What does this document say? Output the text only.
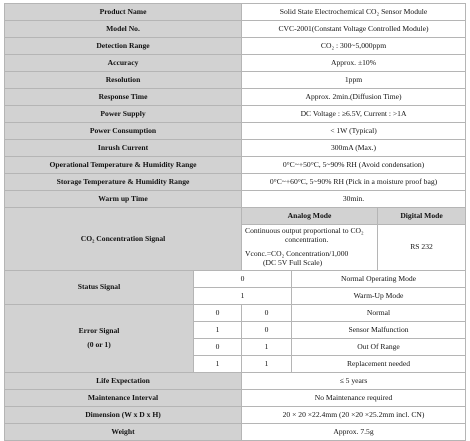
Product Name		Solid State Electrochemical CO₂ Sensor Module		
Model No.		CVC-2001(Constant Voltage Controlled Module)		
Detection Range		CO₂ : 300~5,000ppm		
Accuracy		Approx. ±10%		
Resolution		1ppm		
Response Time		Approx. 2min.(Diffusion Time)		
Power Supply		DC Voltage : ≥6.5V, Current : >1A		
Power Consumption		< 1W (Typical)		
Inrush Current		300mA (Max.)		
Operational Temperature & Humidity Range		0°C~+50°C, 5~90% RH (Avoid condensation)		
Storage Temperature & Humidity Range		0°C~+60°C, 5~90% RH (Pick in a moisture proof bag)		
Warm up Time		30min.		
CO₂ Concentration Signal		Analog Mode		Digital Mode

		Continuous output proportional to CO₂
concentration.
Vconc.=CO₂ Concentration/1,000
(DC 5V Full Scale)		RS 232
Status Signal	0		Normal Operating Mode	
	1		Warm-Up Mode	

Error Signal
(0 or 1)	0	0	Normal	
	1	0	Sensor Malfunction	
	0	1	Out Of Range	
	1	1	Replacement needed	
Life Expectation		≤ 5 years		
Maintenance Interval		No Maintenance required		
Dimension (W x D x H)		20 × 20 ×22.4mm (20 ×20 ×25.2mm incl. CN)		
Weight		Approx. 7.5g		
